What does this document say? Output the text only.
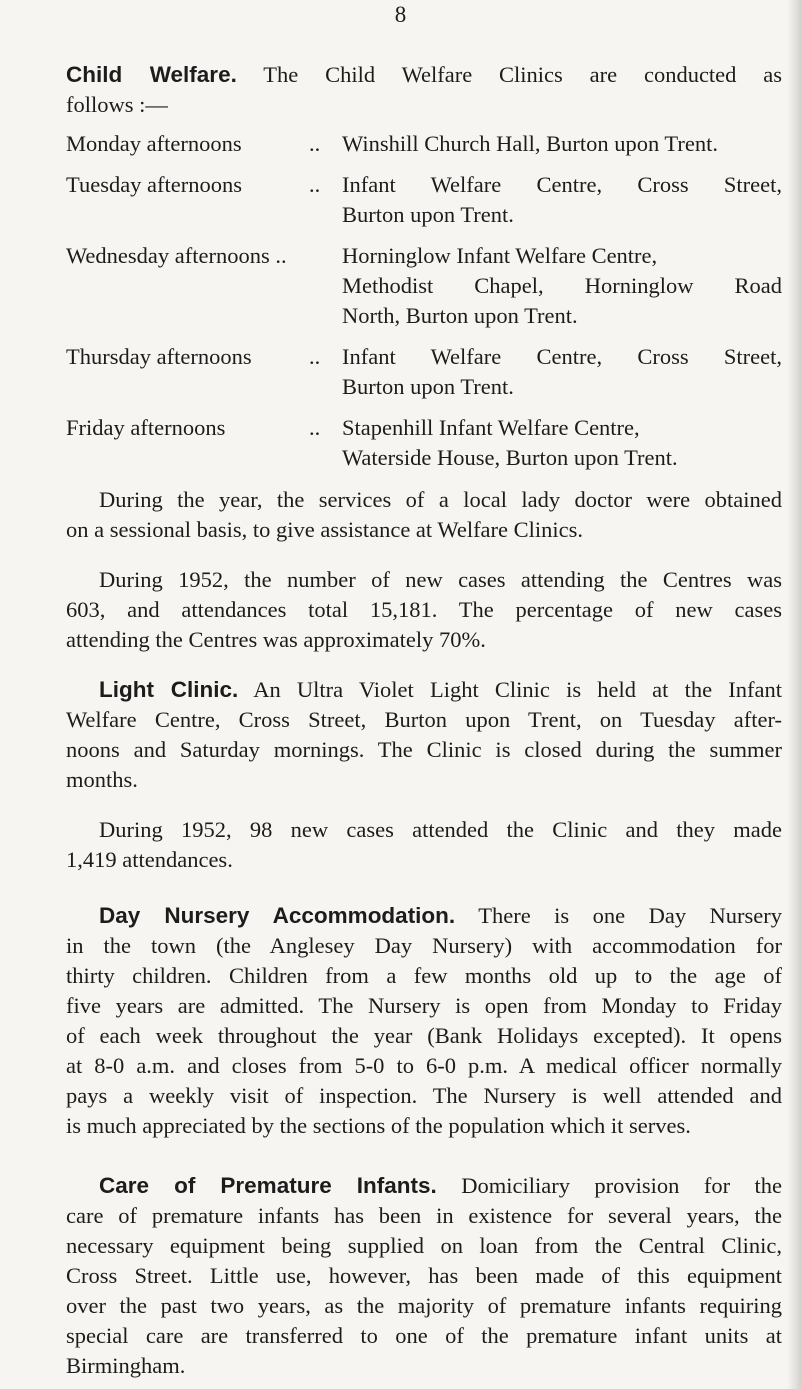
8

Child Welfare. The Child Welfare Clinics are conducted as

follows :—

Monday afternoons	.. Winshill Church Hall, Burton upon Trent.

Tuesday afternoons	.. Infant Welfare Centre, Cross Street,

Burton upon Trent.

Wednesday afternoons ..	Horninglow Infant Welfare Centre,

Methodist Chapel, Horninglow Road

North, Burton upon Trent.

Thursday afternoons	.. Infant Welfare Centre, Cross Street,

Burton upon Trent.

Friday afternoons	.. Stapenhill Infant Welfare Centre,

Waterside House, Burton upon Trent.

During the year, the services of a local lady doctor were obtained

on a sessional basis, to give assistance at Welfare Clinics.

During 1952, the number of new cases attending the Centres was

603, and attendances total 15,181. The percentage of new cases

attending the Centres was approximately 70%.

Light Clinic. An Ultra Violet Light Clinic is held at the Infant

Welfare Centre, Cross Street, Burton upon Trent, on Tuesday after-

noons and Saturday mornings. The Clinic is closed during the summer

months.

During 1952, 98 new cases attended the Clinic and they made

1,419 attendances.

Day Nursery Accommodation. There is one Day Nursery

in the town (the Anglesey Day Nursery) with accommodation for

thirty children. Children from a few months old up to the age of

five years are admitted. The Nursery is open from Monday to Friday

of each week throughout the year (Bank Holidays excepted). It opens

at 8-0 a.m. and closes from 5-0 to 6-0 p.m. A medical officer normally

pays a weekly visit of inspection. The Nursery is well attended and

is much appreciated by the sections of the population which it serves.

Care of Premature Infants. Domiciliary provision for the

care of premature infants has been in existence for several years, the

necessary equipment being supplied on loan from the Central Clinic,

Cross Street. Little use, however, has been made of this equipment

over the past two years, as the majority of premature infants requiring

special care are transferred to one of the premature infant units at

Birmingham.
